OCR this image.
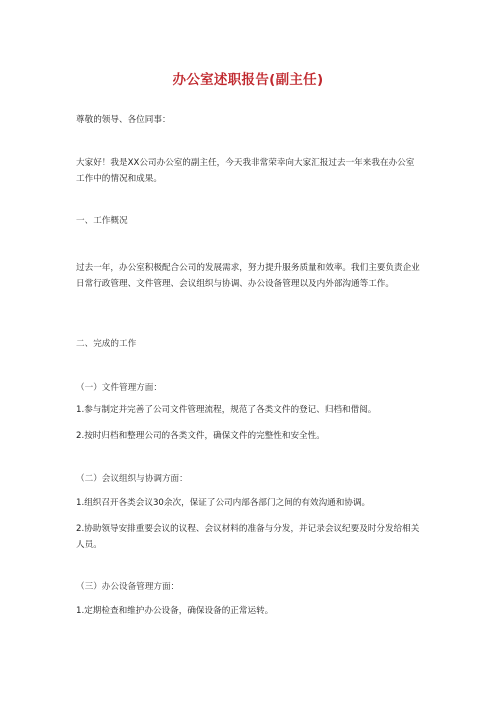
办公室述职报告(副主任)

尊敬的领导、各位同事：

大家好！我是XX公司办公室的副主任，今天我非常荣幸向大家汇报过去一年来我在办公室工作中的情况和成果。

一、工作概况

过去一年，办公室积极配合公司的发展需求，努力提升服务质量和效率。我们主要负责企业日常行政管理、文件管理、会议组织与协调、办公设备管理以及内外部沟通等工作。

二、完成的工作

（一）文件管理方面：

1.参与制定并完善了公司文件管理流程，规范了各类文件的登记、归档和借阅。

2.按时归档和整理公司的各类文件，确保文件的完整性和安全性。

（二）会议组织与协调方面：

1.组织召开各类会议30余次，保证了公司内部各部门之间的有效沟通和协调。

2.协助领导安排重要会议的议程、会议材料的准备与分发，并记录会议纪要及时分发给相关人员。

（三）办公设备管理方面：

1.定期检查和维护办公设备，确保设备的正常运转。
